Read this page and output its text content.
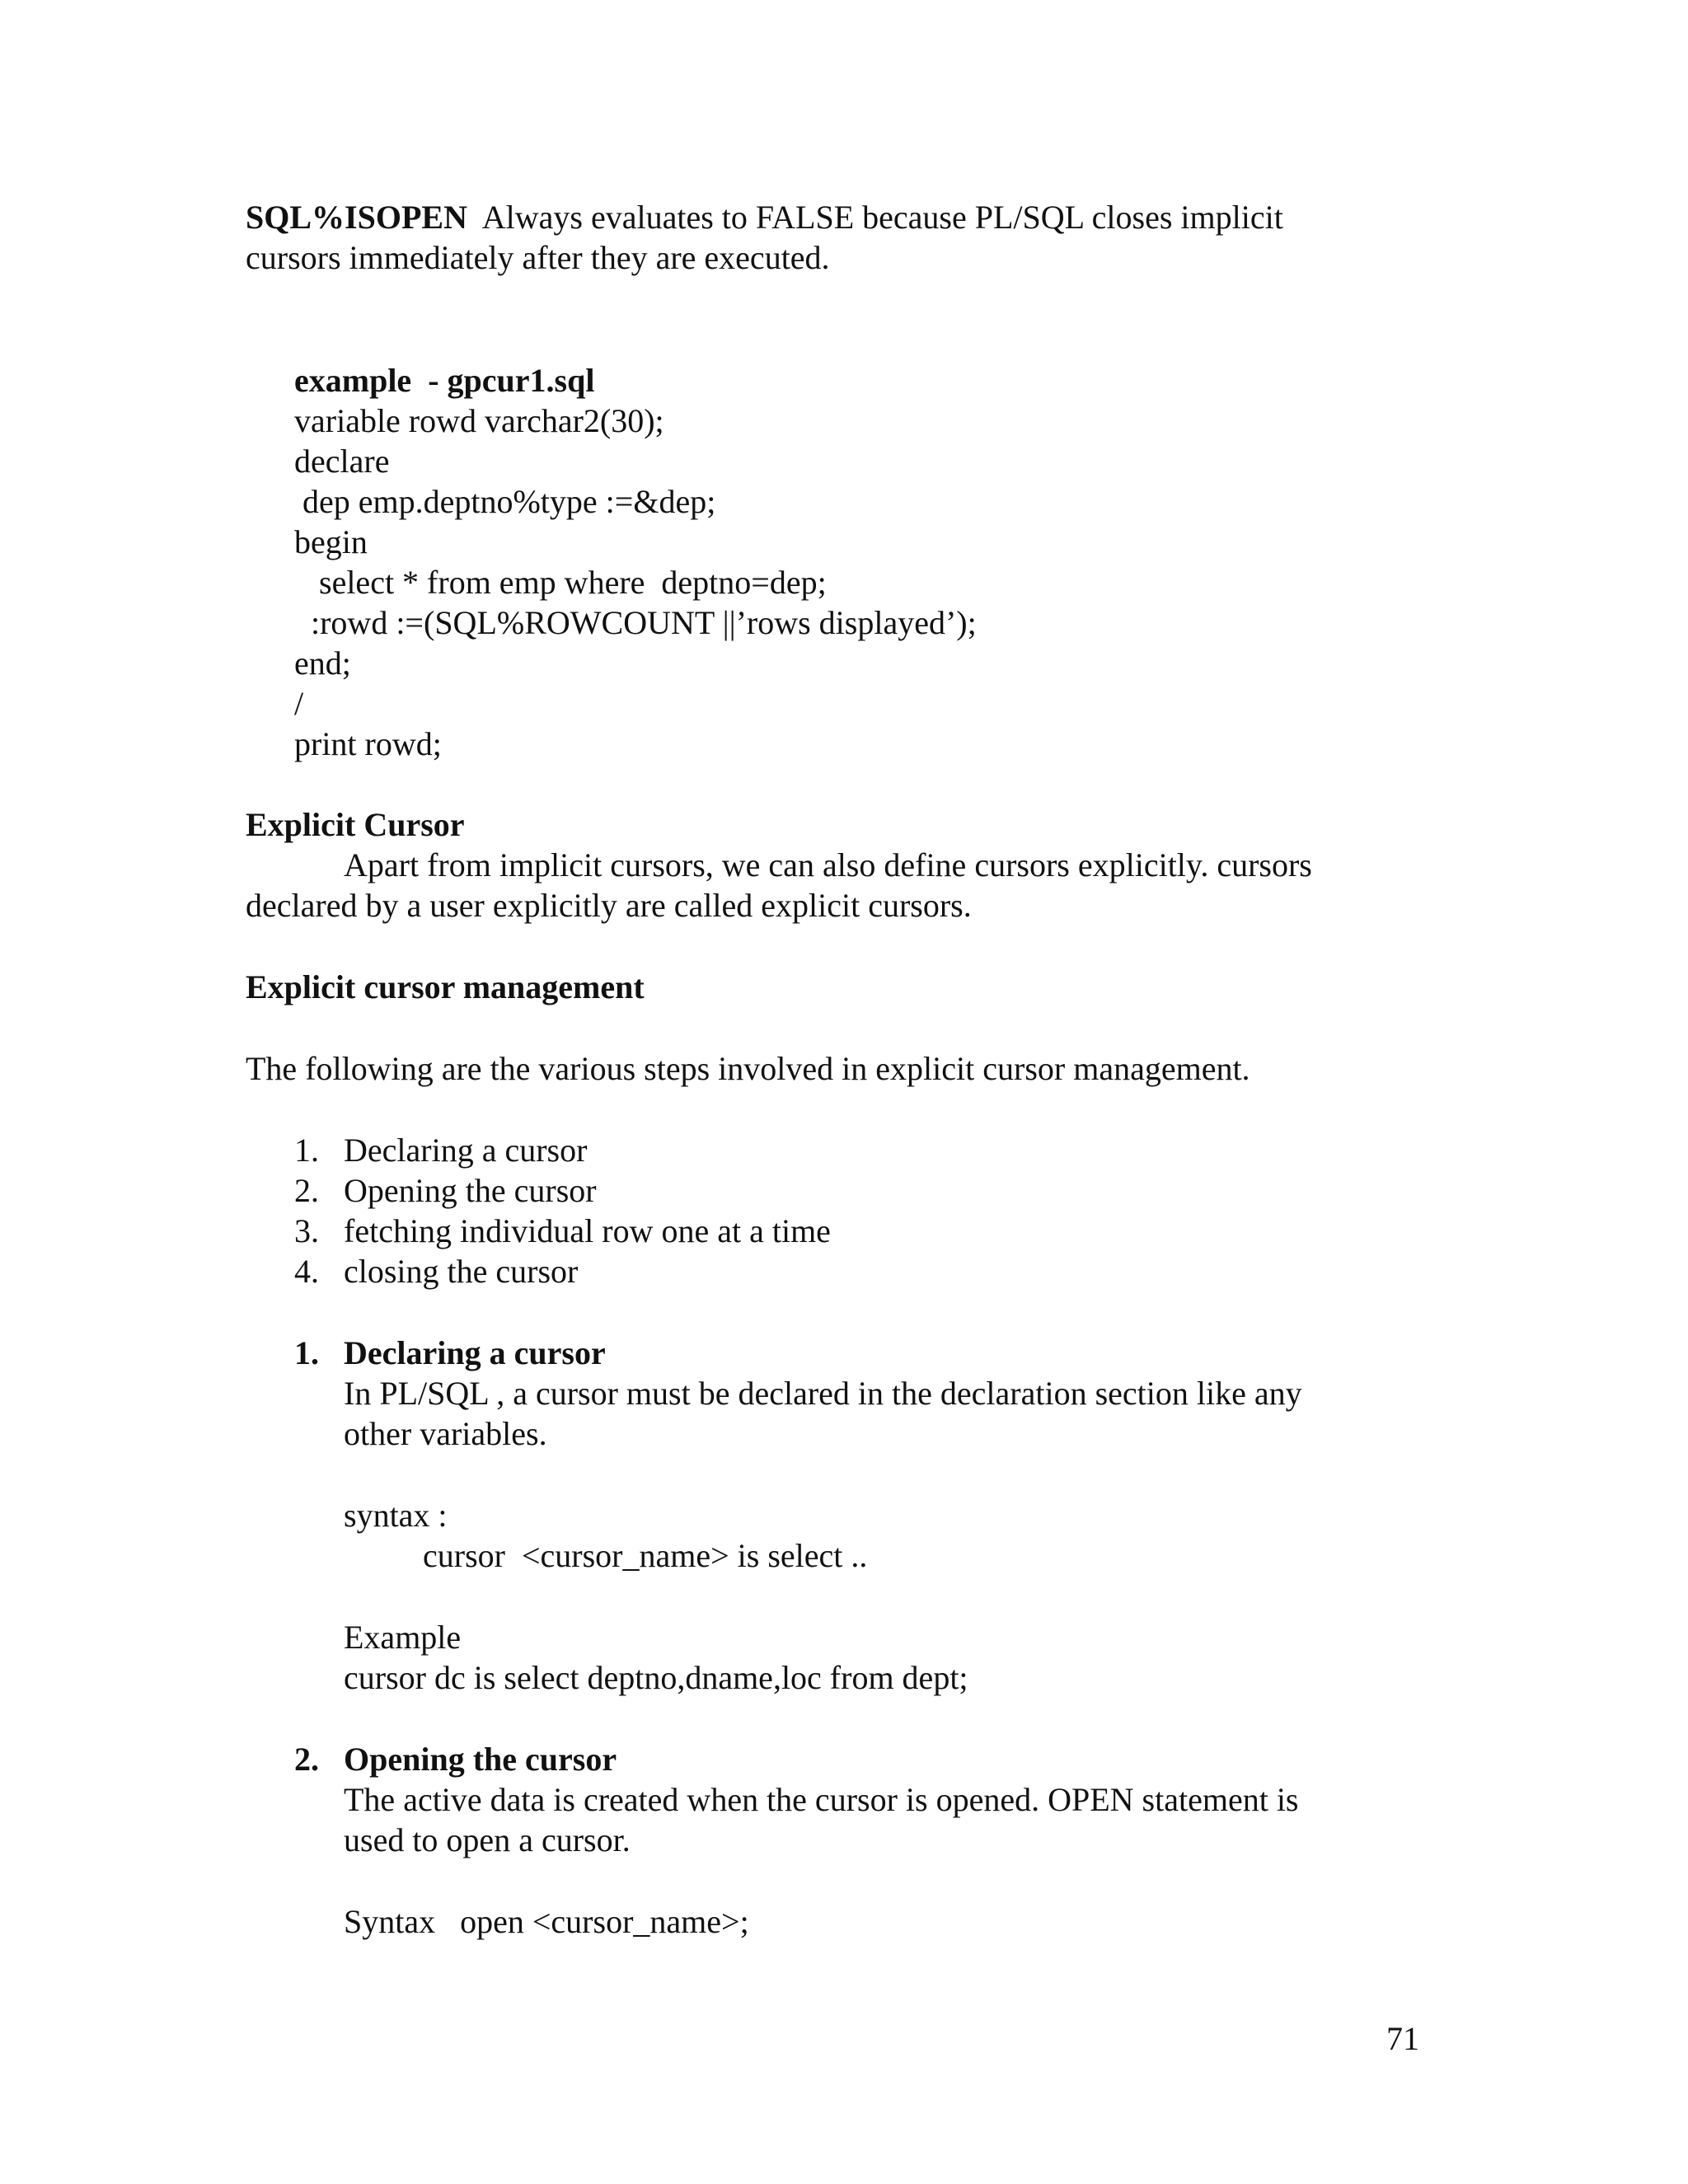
SQL%ISOPEN Always evaluates to FALSE because PL/SQL closes implicit
cursors immediately after they are executed.
example  - gpcur1.sql
variable rowd varchar2(30);
declare
dep emp.deptno%type :=&dep;
begin
select * from emp where  deptno=dep;
:rowd :=(SQL%ROWCOUNT ||’rows displayed’);
end;
/
print rowd;
Explicit Cursor
Apart from implicit cursors, we can also define cursors explicitly. cursors
declared by a user explicitly are called explicit cursors.
Explicit cursor management
The following are the various steps involved in explicit cursor management.
1. Declaring a cursor
2. Opening the cursor
3. fetching individual row one at a time
4. closing the cursor
1. Declaring a cursor
In PL/SQL , a cursor must be declared in the declaration section like any
other variables.
syntax :
cursor  <cursor_name> is select ..
Example
cursor dc is select deptno,dname,loc from dept;
2. Opening the cursor
The active data is created when the cursor is opened. OPEN statement is
used to open a cursor.
Syntax   open <cursor_name>;
71
